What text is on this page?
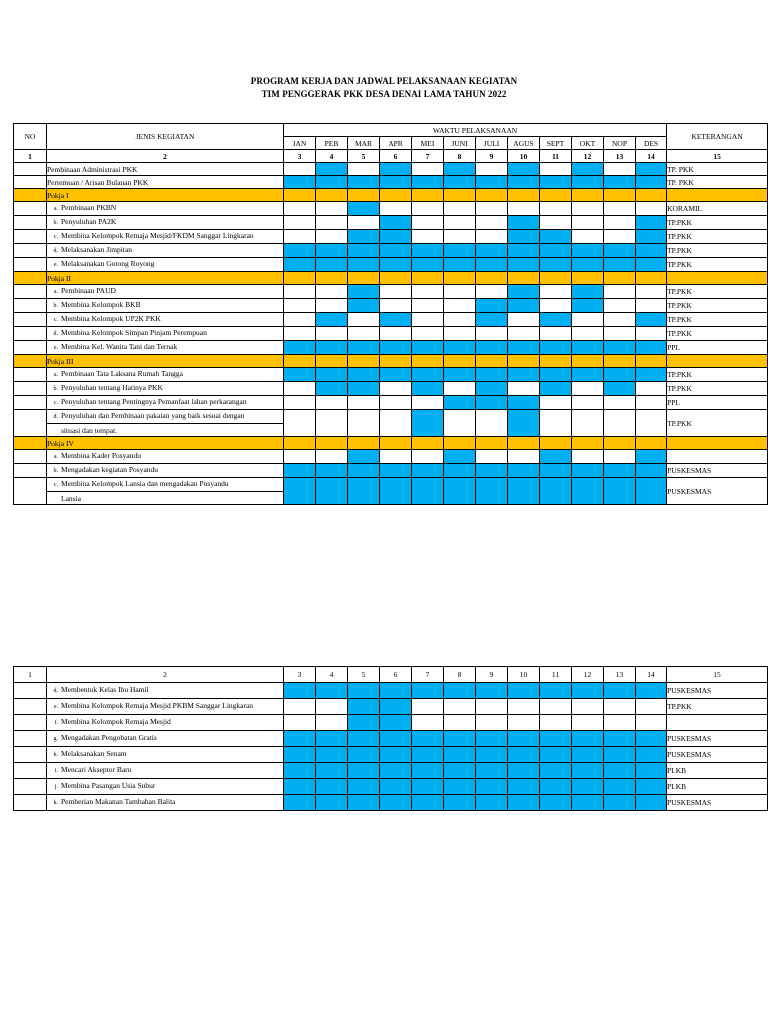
PROGRAM KERJA DAN JADWAL PELAKSANAAN KEGIATAN
TIM PENGGERAK PKK DESA DENAI LAMA TAHUN 2022
NO	JENIS KEGIATAN	WAKTU PELAKSANAAN												KETERANGAN
		JAN	PEB	MAR	APR	MEI	JUNI	JULI	AGUS	SEPT	OKT	NOP	DES	
1	2	3	4	5	6	7	8	9	10	11	12	13	14	15
	Pembinaan Administrasi PKK													TP. PKK
	Pertemuan / Arisan Bulanan PKK													TP. PKK
	Pokja I													
	a. Pembinaan PKBN													KORAMIL
	b. Penyuluhan PA2K													TP.PKK
	c. Membina Kelompok Remaja Mesjid/FKDM Sanggar Lingkaran													TP.PKK
	d. Melaksanakan Jimpitan													TP.PKK
	e. Melaksanakan Gotong Royong													TP.PKK
	Pokja II													
	a. Pembinaan PAUD													TP.PKK
	b. Membina Kelompok BKB													TP.PKK
	c. Membina Kelompok UP2K PKK													TP.PKK
	d. Membina Kelompok Simpan Pinjam Perempuan													TP.PKK
	e. Membina Kel. Wanita Tani dan Ternak													PPL
	Pokja III													
	a. Pembinaan Tata Laksana Rumah Tangga													TP.PKK
	b. Penyuluhan tentang Hatinya PKK													TP.PKK
	c. Penyuluhan tentang Pentingnya Pemanfaat lahan perkarangan													PPL
	d. Penyuluhan dan Pembinaan pakaian yang baik sesuai dengan													TP.PKK
	situasi dan tempat.													
	Pokja IV													
	a. Membina Kader Posyandu													
	b. Mengadakan kegiatan Posyandu													PUSKESMAS
	c. Membina Kelompok Lansia dan mengadakan Posyandu													PUSKESMAS
	Lansia													
1	2	3	4	5	6	7	8	9	10	11	12	13	14	15
	d. Membentuk Kelas Ibu Hamil													PUSKESMAS
	e. Membina Kelompok Remaja Mesjid PKBM Sanggar Lingkaran													TP.PKK
	f. Membina Kelompok Remaja Mesjid													
	g. Mengadakan Pengobatan Gratis													PUSKESMAS
	h. Melaksanakan Senam													PUSKESMAS
	i. Mencari Akseptor Baru													PLKB
	j. Membina Pasangan Usia Subur													PLKB
	k. Pemberian Makanan Tambahan Balita													PUSKESMAS
